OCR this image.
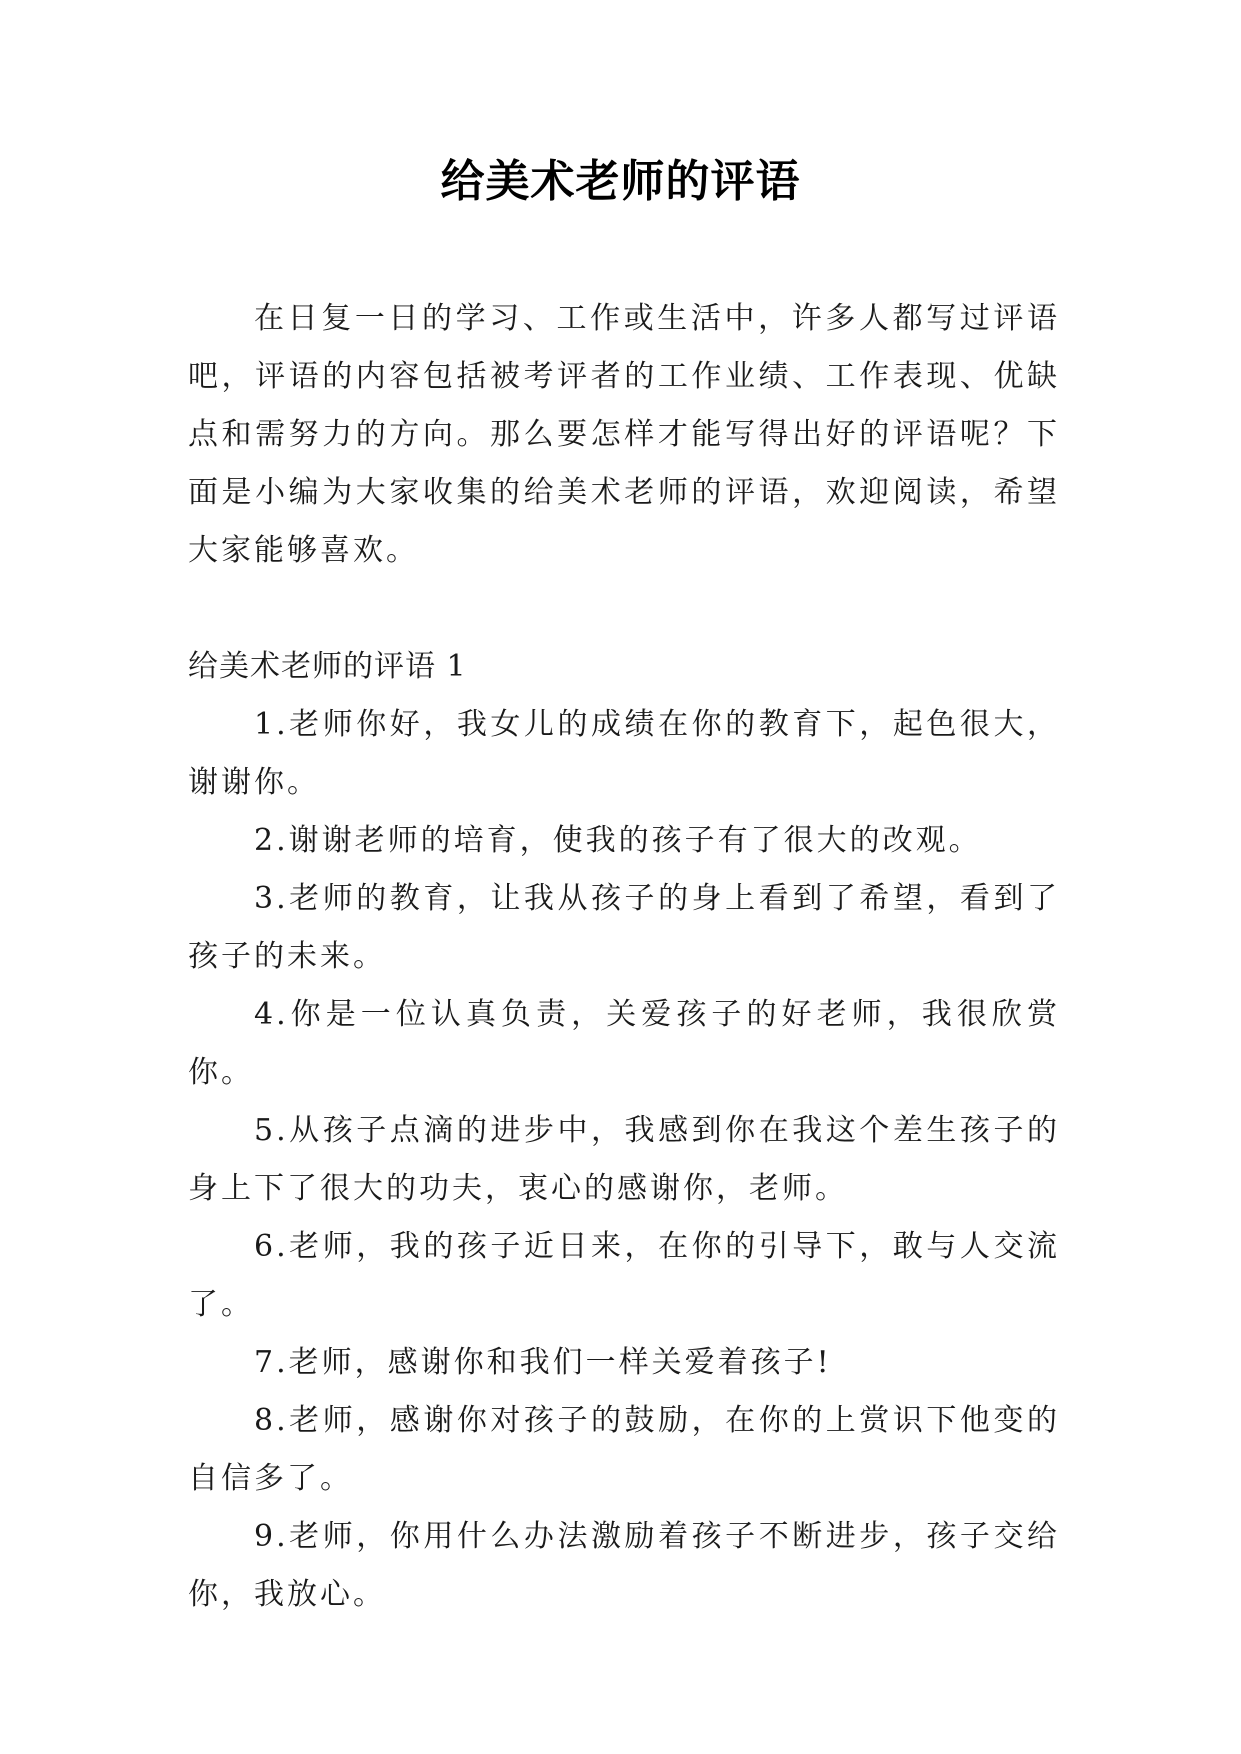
给美术老师的评语

在日复一日的学习、工作或生活中，许多人都写过评语吧，评语的内容包括被考评者的工作业绩、工作表现、优缺点和需努力的方向。那么要怎样才能写得出好的评语呢？下面是小编为大家收集的给美术老师的评语，欢迎阅读，希望大家能够喜欢。

给美术老师的评语 1

1.老师你好，我女儿的成绩在你的教育下，起色很大，谢谢你。

2.谢谢老师的培育，使我的孩子有了很大的改观。

3.老师的教育，让我从孩子的身上看到了希望，看到了孩子的未来。

4.你是一位认真负责，关爱孩子的好老师，我很欣赏你。

5.从孩子点滴的进步中，我感到你在我这个差生孩子的身上下了很大的功夫，衷心的感谢你，老师。

6.老师，我的孩子近日来，在你的引导下，敢与人交流了。

7.老师，感谢你和我们一样关爱着孩子!

8.老师，感谢你对孩子的鼓励，在你的上赏识下他变的自信多了。

9.老师，你用什么办法激励着孩子不断进步，孩子交给你，我放心。
